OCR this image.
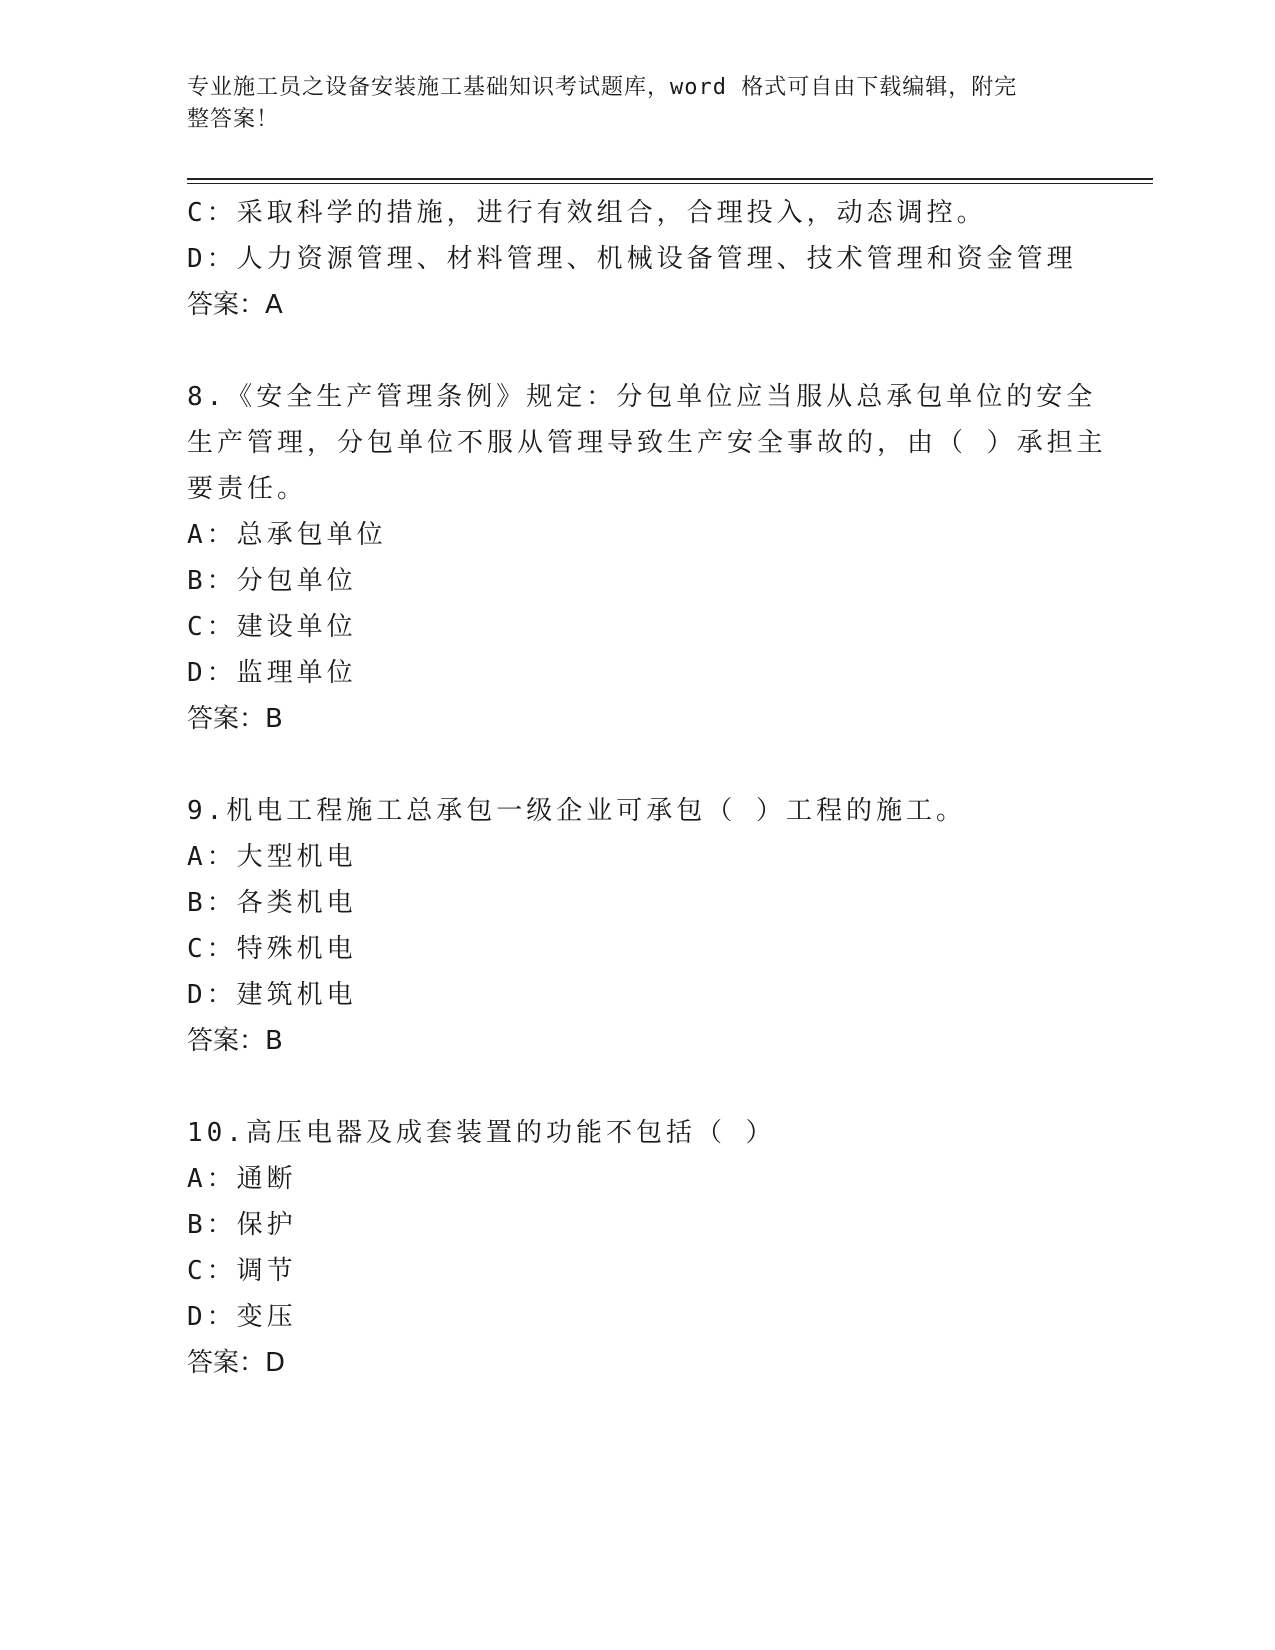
专业施工员之设备安装施工基础知识考试题库，word 格式可自由下载编辑，附完
整答案！
C：采取科学的措施，进行有效组合，合理投入，动态调控。
D：人力资源管理、材料管理、机械设备管理、技术管理和资金管理
答案：A
8.《安全生产管理条例》规定：分包单位应当服从总承包单位的安全
生产管理，分包单位不服从管理导致生产安全事故的，由（ ）承担主
要责任。
A：总承包单位
B：分包单位
C：建设单位
D：监理单位
答案：B
9.机电工程施工总承包一级企业可承包（ ）工程的施工。
A：大型机电
B：各类机电
C：特殊机电
D：建筑机电
答案：B
10.高压电器及成套装置的功能不包括（ ）
A：通断
B：保护
C：调节
D：变压
答案：D
